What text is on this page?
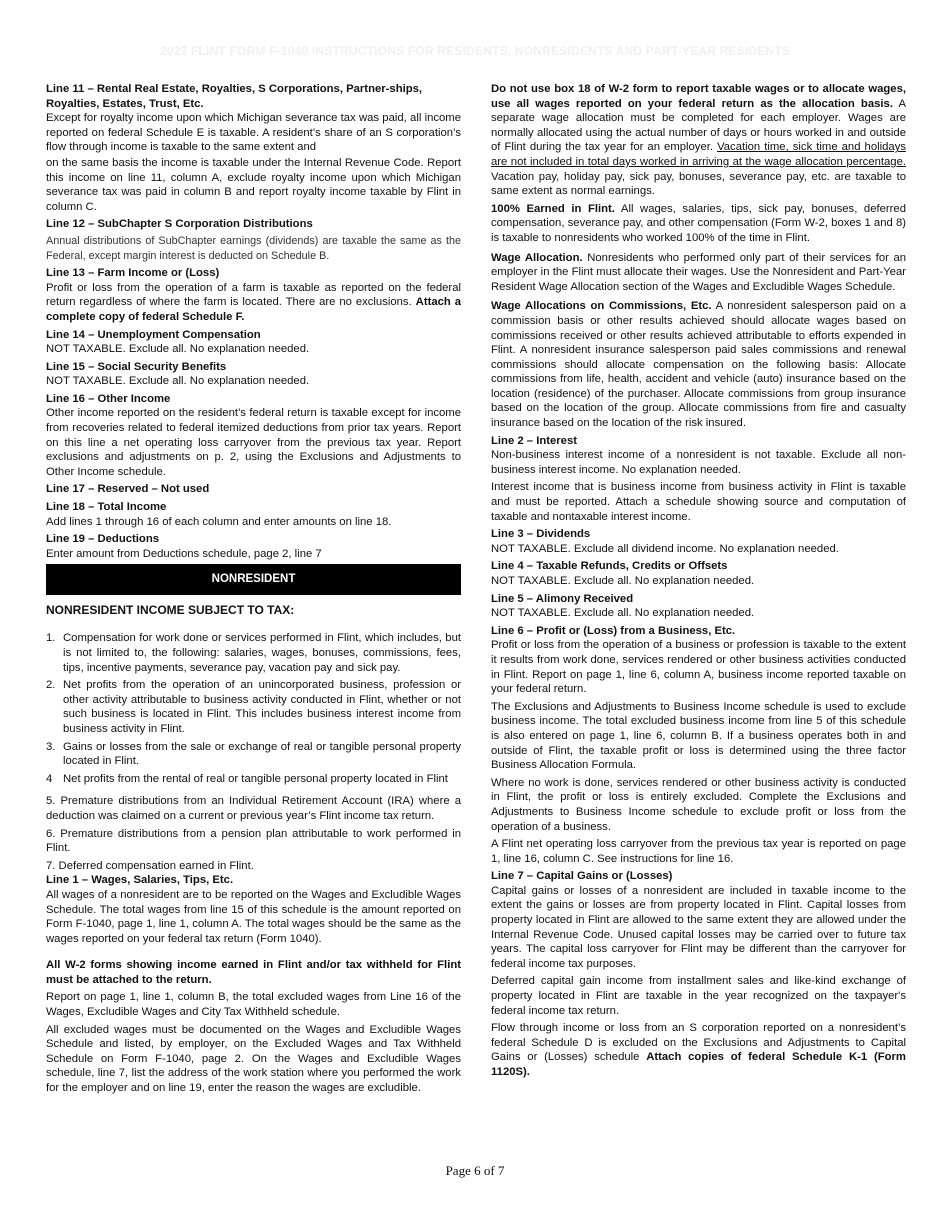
2023 FLINT FORM F-1040 INSTRUCTIONS FOR RESIDENTS, NONRESIDENTS AND PART-YEAR RESIDENTS
Line 11 – Rental Real Estate, Royalties, S Corporations, Partner-ships, Royalties, Estates, Trust, Etc.

Except for royalty income upon which Michigan severance tax was paid, all income reported on federal Schedule E is taxable. A resident’s share of an S corporation’s flow through income is taxable to the same extent and

on the same basis the income is taxable under the Internal Revenue Code. Report this income on line 11, column A, exclude royalty income upon which Michigan severance tax was paid in column B and report royalty income taxable by Flint in column C.

Line 12 – SubChapter S Corporation Distributions

Annual distributions of SubChapter earnings (dividends) are taxable the same as the Federal, except margin interest is deducted on Schedule B.

Line 13 – Farm Income or (Loss)

Profit or loss from the operation of a farm is taxable as reported on the federal return regardless of where the farm is located. There are no exclusions. Attach a complete copy of federal Schedule F.

Line 14 – Unemployment Compensation

NOT TAXABLE. Exclude all. No explanation needed.

Line 15 – Social Security Benefits

NOT TAXABLE. Exclude all. No explanation needed.

Line 16 – Other Income

Other income reported on the resident’s federal return is taxable except for income from recoveries related to federal itemized deductions from prior tax years. Report on this line a net operating loss carryover from the previous tax year. Report exclusions and adjustments on p. 2, using the Exclusions and Adjustments to Other Income schedule.

Line 17 – Reserved – Not used
Line 18 – Total Income

Add lines 1 through 16 of each column and enter amounts on line 18.

Line 19 – Deductions

Enter amount from Deductions schedule, page 2, line 7

NONRESIDENT
NONRESIDENT INCOME SUBJECT TO TAX:
1. Compensation for work done or services performed in Flint, which includes, but is not limited to, the following: salaries, wages, bonuses, commissions, fees, tips, incentive payments, severance pay, vacation pay and sick pay.
2. Net profits from the operation of an unincorporated business, profession or other activity attributable to business activity conducted in Flint, whether or not such business is located in Flint. This includes business interest income from business activity in Flint.
3. Gains or losses from the sale or exchange of real or tangible personal property located in Flint.
4 Net profits from the rental of real or tangible personal property located in Flint

5. Premature distributions from an Individual Retirement Account (IRA) where a deduction was claimed on a current or previous year’s Flint income tax return.

6. Premature distributions from a pension plan attributable to work performed in Flint.

7. Deferred compensation earned in Flint.

Line 1 – Wages, Salaries, Tips, Etc.

All wages of a nonresident are to be reported on the Wages and Excludible Wages Schedule. The total wages from line 15 of this schedule is the amount reported on Form F-1040, page 1, line 1, column A. The total wages should be the same as the wages reported on your federal tax return (Form 1040).

All W-2 forms showing income earned in Flint and/or tax withheld for Flint must be attached to the return.

Report on page 1, line 1, column B, the total excluded wages from Line 16 of the Wages, Excludible Wages and City Tax Withheld schedule.

All excluded wages must be documented on the Wages and Excludible Wages Schedule and listed, by employer, on the Excluded Wages and Tax Withheld Schedule on Form F-1040, page 2. On the Wages and Excludible Wages schedule, line 7, list the address of the work station where you performed the work for the employer and on line 19, enter the reason the wages are excludible.

Do not use box 18 of W-2 form to report taxable wages or to allocate wages, use all wages reported on your federal return as the allocation basis. A separate wage allocation must be completed for each employer. Wages are normally allocated using the actual number of days or hours worked in and outside of Flint during the tax year for an employer. Vacation time, sick time and holidays are not included in total days worked in arriving at the wage allocation percentage. Vacation pay, holiday pay, sick pay, bonuses, severance pay, etc. are taxable to same extent as normal earnings.

100% Earned in Flint. All wages, salaries, tips, sick pay, bonuses, deferred compensation, severance pay, and other compensation (Form W-2, boxes 1 and 8) is taxable to nonresidents who worked 100% of the time in Flint.

Wage Allocation. Nonresidents who performed only part of their services for an employer in the Flint must allocate their wages. Use the Nonresident and Part-Year Resident Wage Allocation section of the Wages and Excludible Wages Schedule.

Wage Allocations on Commissions, Etc. A nonresident salesperson paid on a commission basis or other results achieved should allocate wages based on commissions received or other results achieved attributable to efforts expended in Flint. A nonresident insurance salesperson paid sales commissions and renewal commissions should allocate compensation on the following basis: Allocate commissions from life, health, accident and vehicle (auto) insurance based on the location (residence) of the purchaser. Allocate commissions from group insurance based on the location of the group. Allocate commissions from fire and casualty insurance based on the location of the risk insured.

Line 2 – Interest

Non-business interest income of a nonresident is not taxable. Exclude all non-business interest income. No explanation needed.

Interest income that is business income from business activity in Flint is taxable and must be reported. Attach a schedule showing source and computation of taxable and nontaxable interest income.

Line 3 – Dividends

NOT TAXABLE. Exclude all dividend income. No explanation needed.

Line 4 – Taxable Refunds, Credits or Offsets

NOT TAXABLE. Exclude all. No explanation needed.

Line 5 – Alimony Received

NOT TAXABLE. Exclude all. No explanation needed.

Line 6 – Profit or (Loss) from a Business, Etc.

Profit or loss from the operation of a business or profession is taxable to the extent it results from work done, services rendered or other business activities conducted in Flint. Report on page 1, line 6, column A, business income reported taxable on your federal return.

The Exclusions and Adjustments to Business Income schedule is used to exclude business income. The total excluded business income from line 5 of this schedule is also entered on page 1, line 6, column B. If a business operates both in and outside of Flint, the taxable profit or loss is determined using the three factor Business Allocation Formula.

Where no work is done, services rendered or other business activity is conducted in Flint, the profit or loss is entirely excluded. Complete the Exclusions and Adjustments to Business Income schedule to exclude profit or loss from the operation of a business.

A Flint net operating loss carryover from the previous tax year is reported on page 1, line 16, column C. See instructions for line 16.

Line 7 – Capital Gains or (Losses)

Capital gains or losses of a nonresident are included in taxable income to the extent the gains or losses are from property located in Flint. Capital losses from property located in Flint are allowed to the same extent they are allowed under the Internal Revenue Code. Unused capital losses may be carried over to future tax years. The capital loss carryover for Flint may be different than the carryover for federal income tax purposes.

Deferred capital gain income from installment sales and like-kind exchange of property located in Flint are taxable in the year recognized on the taxpayer's federal income tax return.

Flow through income or loss from an S corporation reported on a nonresident’s federal Schedule D is excluded on the Exclusions and Adjustments to Capital Gains or (Losses) schedule Attach copies of federal Schedule K-1 (Form 1120S).

Page 6 of 7
